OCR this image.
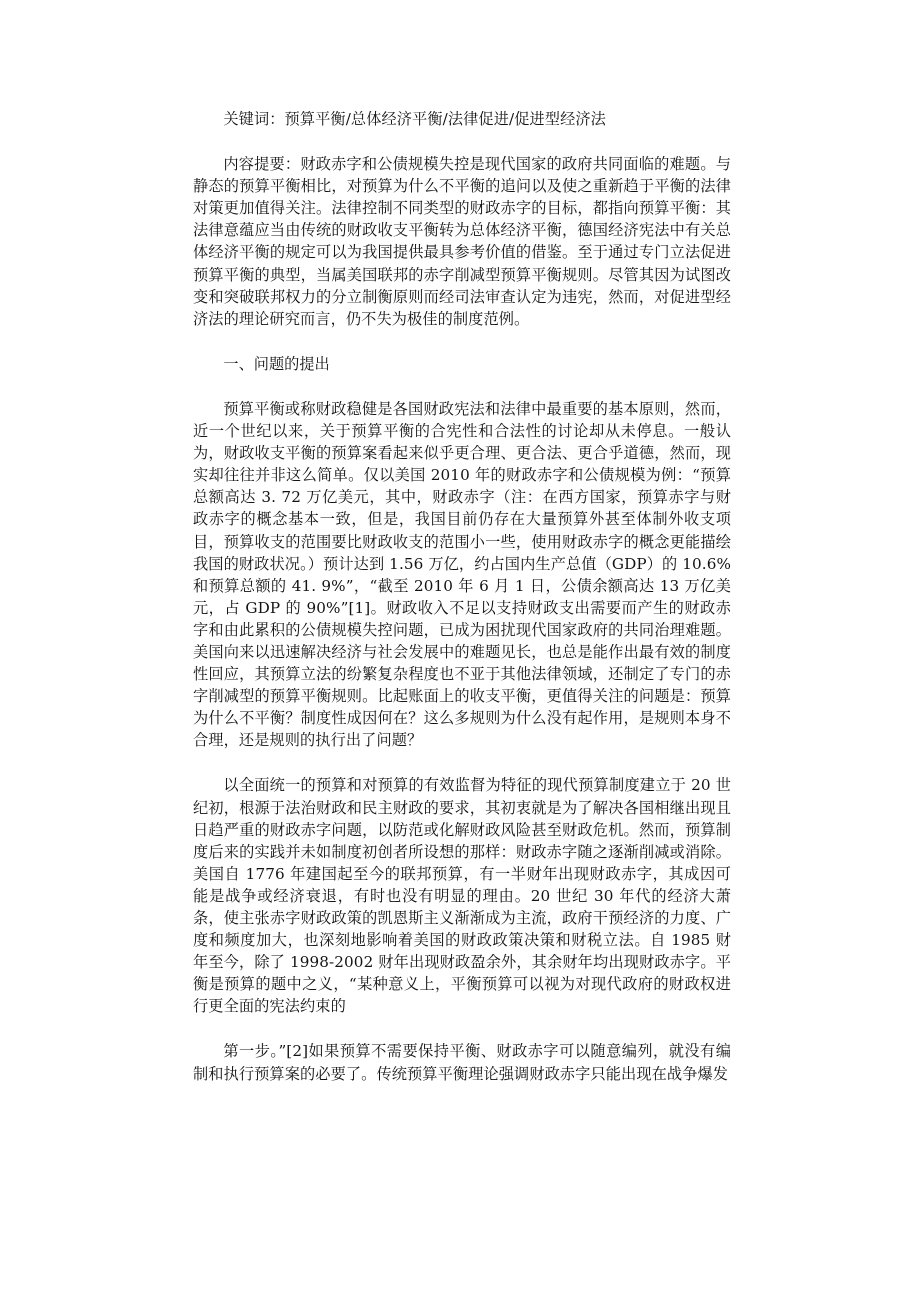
关键词：预算平衡/总体经济平衡/法律促进/促进型经济法

内容提要：财政赤字和公债规模失控是现代国家的政府共同面临的难题。与静态的预算平衡相比，对预算为什么不平衡的追问以及使之重新趋于平衡的法律对策更加值得关注。法律控制不同类型的财政赤字的目标，都指向预算平衡：其法律意蕴应当由传统的财政收支平衡转为总体经济平衡，德国经济宪法中有关总体经济平衡的规定可以为我国提供最具参考价值的借鉴。至于通过专门立法促进预算平衡的典型，当属美国联邦的赤字削减型预算平衡规则。尽管其因为试图改变和突破联邦权力的分立制衡原则而经司法审查认定为违宪，然而，对促进型经济法的理论研究而言，仍不失为极佳的制度范例。

一、问题的提出

预算平衡或称财政稳健是各国财政宪法和法律中最重要的基本原则，然而，近一个世纪以来，关于预算平衡的合宪性和合法性的讨论却从未停息。一般认为，财政收支平衡的预算案看起来似乎更合理、更合法、更合乎道德，然而，现实却往往并非这么简单。仅以美国 2010 年的财政赤字和公债规模为例：“预算总额高达 3. 72 万亿美元，其中，财政赤字（注：在西方国家，预算赤字与财政赤字的概念基本一致，但是，我国目前仍存在大量预算外甚至体制外收支项目，预算收支的范围要比财政收支的范围小一些，使用财政赤字的概念更能描绘我国的财政状况。）预计达到 1.56 万亿，约占国内生产总值（GDP）的 10.6%和预算总额的 41. 9%”，“截至 2010 年 6 月 1 日，公债余额高达 13 万亿美元，占 GDP 的 90%”[1]。财政收入不足以支持财政支出需要而产生的财政赤字和由此累积的公债规模失控问题，已成为困扰现代国家政府的共同治理难题。美国向来以迅速解决经济与社会发展中的难题见长，也总是能作出最有效的制度性回应，其预算立法的纷繁复杂程度也不亚于其他法律领域，还制定了专门的赤字削减型的预算平衡规则。比起账面上的收支平衡，更值得关注的问题是：预算为什么不平衡？制度性成因何在？这么多规则为什么没有起作用，是规则本身不合理，还是规则的执行出了问题？

以全面统一的预算和对预算的有效监督为特征的现代预算制度建立于 20 世纪初，根源于法治财政和民主财政的要求，其初衷就是为了解决各国相继出现且日趋严重的财政赤字问题，以防范或化解财政风险甚至财政危机。然而，预算制度后来的实践并未如制度初创者所设想的那样：财政赤字随之逐渐削减或消除。美国自 1776 年建国起至今的联邦预算，有一半财年出现财政赤字，其成因可能是战争或经济衰退，有时也没有明显的理由。20 世纪 30 年代的经济大萧条，使主张赤字财政政策的凯恩斯主义渐渐成为主流，政府干预经济的力度、广度和频度加大，也深刻地影响着美国的财政政策决策和财税立法。自 1985 财年至今，除了 1998-2002 财年出现财政盈余外，其余财年均出现财政赤字。平衡是预算的题中之义，“某种意义上，平衡预算可以视为对现代政府的财政权进行更全面的宪法约束的

第一步。”[2]如果预算不需要保持平衡、财政赤字可以随意编列，就没有编制和执行预算案的必要了。传统预算平衡理论强调财政赤字只能出现在战争爆发
